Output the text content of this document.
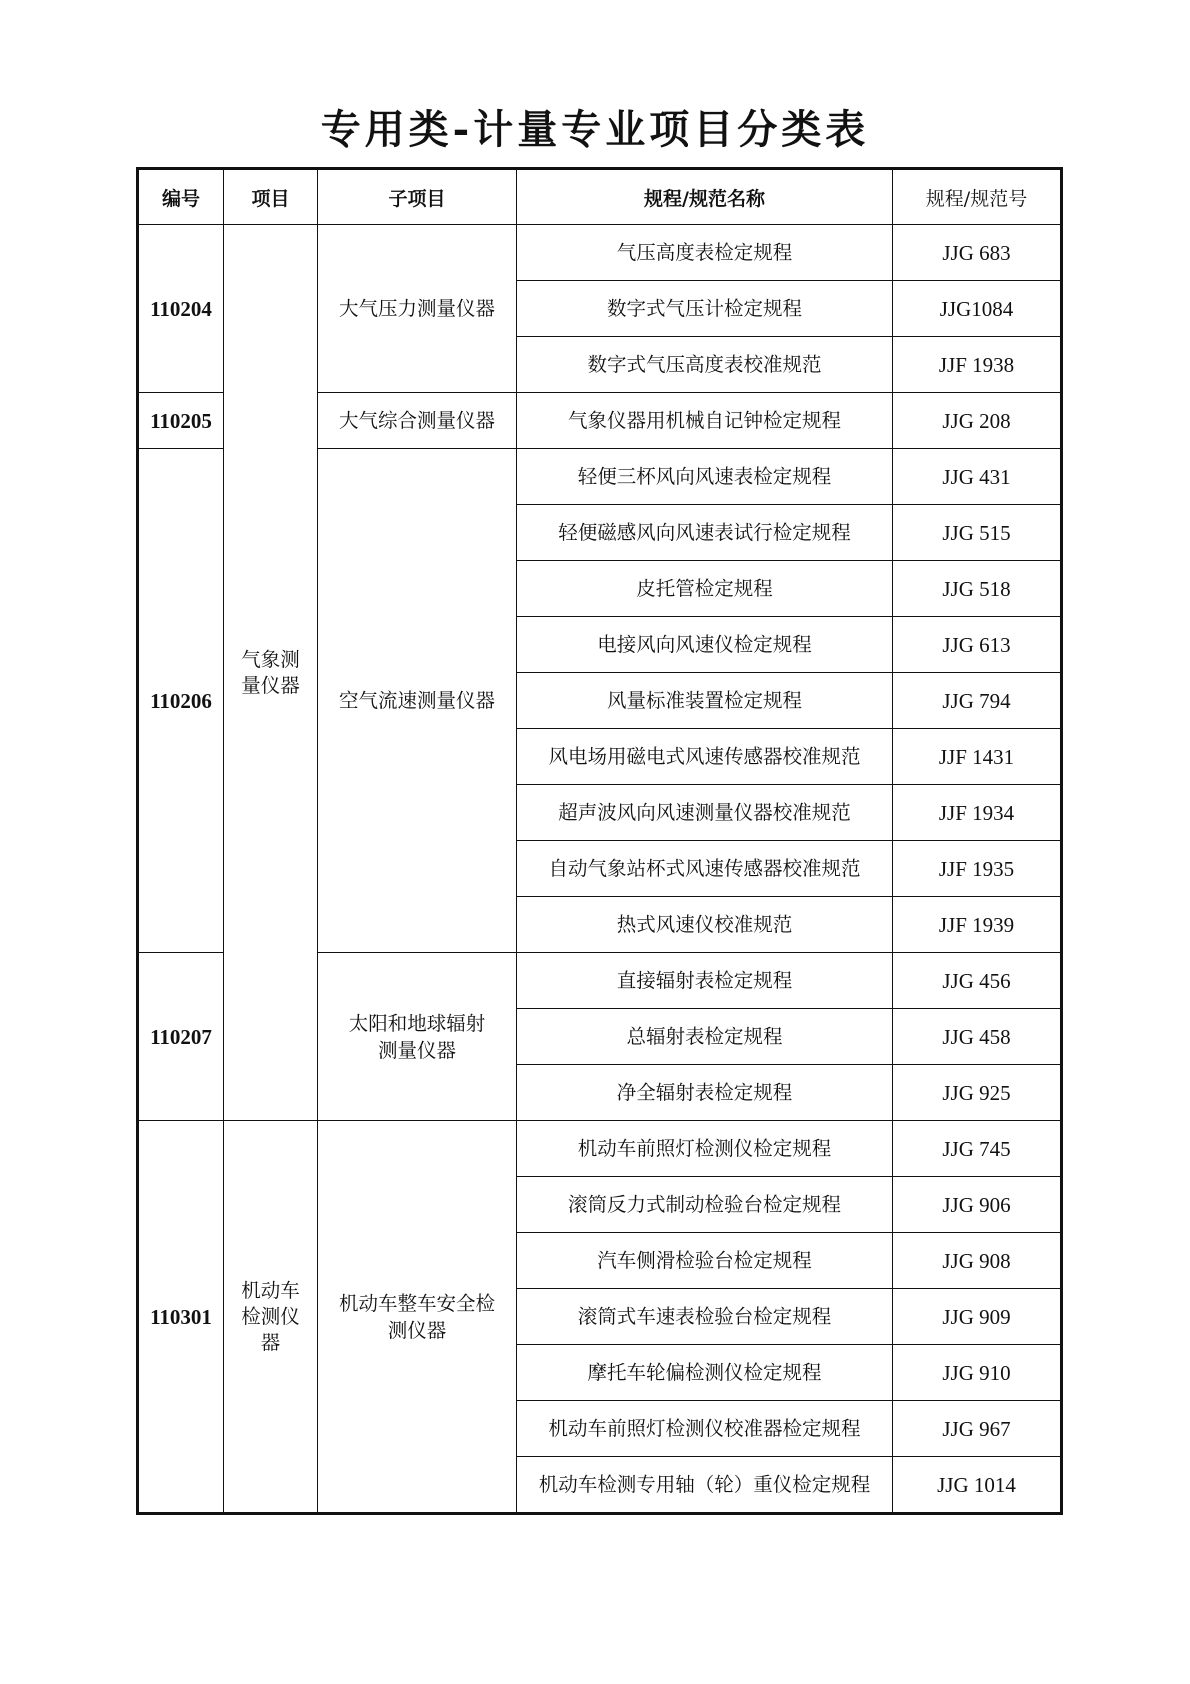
专用类-计量专业项目分类表
编号	项目	子项目	规程/规范名称	规程/规范号
110204	气象测量仪器	大气压力测量仪器	气压高度表检定规程	JJG 683
			数字式气压计检定规程	JJG1084
			数字式气压高度表校准规范	JJF 1938
110205		大气综合测量仪器	气象仪器用机械自记钟检定规程	JJG 208
110206		空气流速测量仪器	轻便三杯风向风速表检定规程	JJG 431
			轻便磁感风向风速表试行检定规程	JJG 515
			皮托管检定规程	JJG 518
			电接风向风速仪检定规程	JJG 613
			风量标准装置检定规程	JJG 794
			风电场用磁电式风速传感器校准规范	JJF 1431
			超声波风向风速测量仪器校准规范	JJF 1934
			自动气象站杯式风速传感器校准规范	JJF 1935
			热式风速仪校准规范	JJF 1939
110207		太阳和地球辐射测量仪器	直接辐射表检定规程	JJG 456
			总辐射表检定规程	JJG 458
			净全辐射表检定规程	JJG 925
110301	机动车检测仪器	机动车整车安全检测仪器	机动车前照灯检测仪检定规程	JJG 745
			滚筒反力式制动检验台检定规程	JJG 906
			汽车侧滑检验台检定规程	JJG 908
			滚筒式车速表检验台检定规程	JJG 909
			摩托车轮偏检测仪检定规程	JJG 910
			机动车前照灯检测仪校准器检定规程	JJG 967
			机动车检测专用轴（轮）重仪检定规程	JJG 1014
